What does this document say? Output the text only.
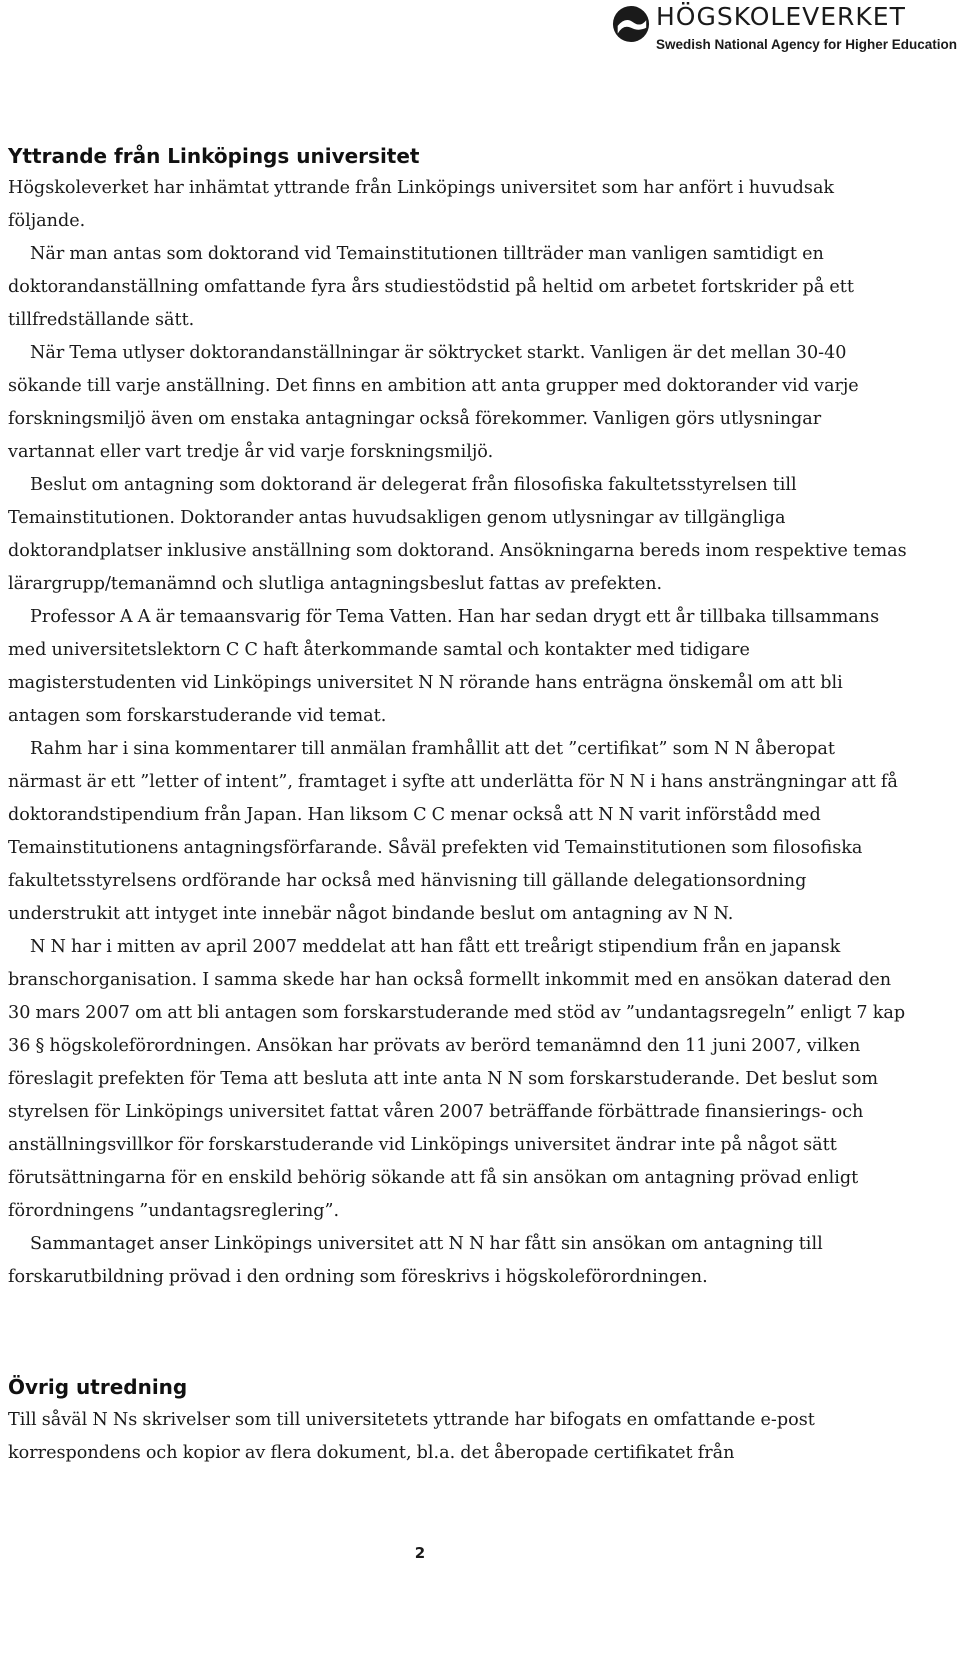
HÖGSKOLEVERKET
Swedish National Agency for Higher Education
Yttrande från Linköpings universitet

Högskoleverket har inhämtat yttrande från Linköpings universitet som har anfört i huvudsak följande.

När man antas som doktorand vid Temainstitutionen tillträder man vanligen samtidigt en doktorandanställning omfattande fyra års studiestödstid på heltid om arbetet fortskrider på ett tillfredställande sätt.

När Tema utlyser doktorandanställningar är söktrycket starkt. Vanligen är det mellan 30-40 sökande till varje anställning. Det finns en ambition att anta grupper med doktorander vid varje forskningsmiljö även om enstaka antagningar också förekommer. Vanligen görs utlysningar vartannat eller vart tredje år vid varje forskningsmiljö.

Beslut om antagning som doktorand är delegerat från filosofiska fakultetsstyrelsen till Temainstitutionen. Doktorander antas huvudsakligen genom utlysningar av tillgängliga doktorandplatser inklusive anställning som doktorand. Ansökningarna bereds inom respektive temas lärargrupp/temanämnd och slutliga antagningsbeslut fattas av prefekten.

Professor A A är temaansvarig för Tema Vatten. Han har sedan drygt ett år tillbaka tillsammans med universitetslektorn C C haft återkommande samtal och kontakter med tidigare magisterstudenten vid Linköpings universitet N N rörande hans enträgna önskemål om att bli antagen som forskarstuderande vid temat.

Rahm har i sina kommentarer till anmälan framhållit att det ”certifikat” som N N åberopat närmast är ett ”letter of intent”, framtaget i syfte att underlätta för N N i hans ansträngningar att få doktorandstipendium från Japan. Han liksom C C menar också att N N varit införstådd med Temainstitutionens antagningsförfarande. Såväl prefekten vid Temainstitutionen som filosofiska fakultetsstyrelsens ordförande har också med hänvisning till gällande delegationsordning understrukit att intyget inte innebär något bindande beslut om antagning av N N.

N N har i mitten av april 2007 meddelat att han fått ett treårigt stipendium från en japansk branschorganisation. I samma skede har han också formellt inkommit med en ansökan daterad den 30 mars 2007 om att bli antagen som forskarstuderande med stöd av ”undantagsregeln” enligt 7 kap 36 § högskoleförordningen. Ansökan har prövats av berörd temanämnd den 11 juni 2007, vilken föreslagit prefekten för Tema att besluta att inte anta N N som forskarstuderande. Det beslut som styrelsen för Linköpings universitet fattat våren 2007 beträffande förbättrade finansierings- och anställningsvillkor för forskarstuderande vid Linköpings universitet ändrar inte på något sätt förutsättningarna för en enskild behörig sökande att få sin ansökan om antagning prövad enligt förordningens ”undantagsreglering”.

Sammantaget anser Linköpings universitet att N N har fått sin ansökan om antagning till forskarutbildning prövad i den ordning som föreskrivs i högskoleförordningen.

Övrig utredning

Till såväl N Ns skrivelser som till universitetets yttrande har bifogats en omfattande e-post korrespondens och kopior av flera dokument, bl.a. det åberopade certifikatet från

2
